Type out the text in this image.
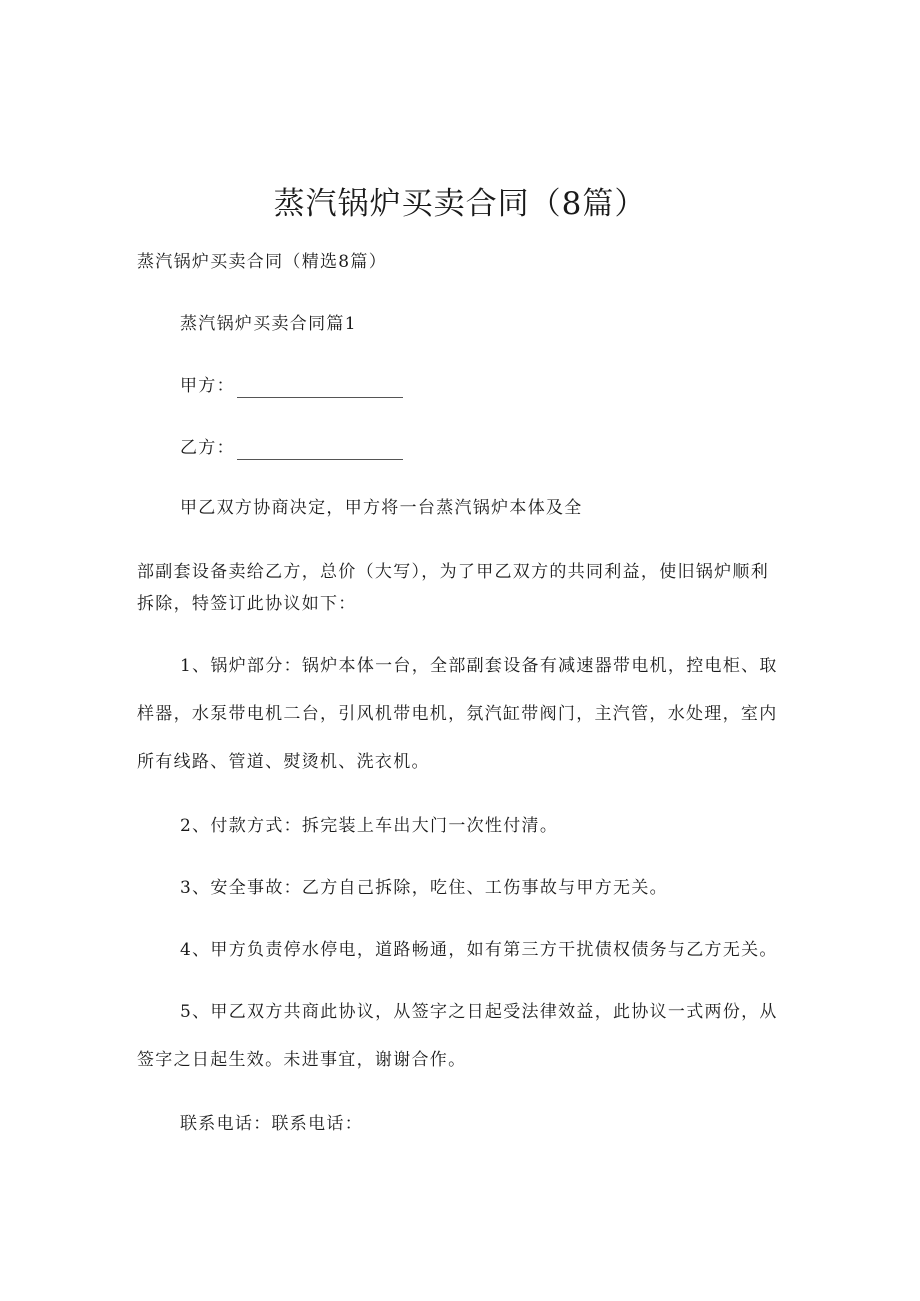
蒸汽锅炉买卖合同（8篇）
蒸汽锅炉买卖合同（精选8篇）
蒸汽锅炉买卖合同篇1
甲方：
乙方：
甲乙双方协商决定，甲方将一台蒸汽锅炉本体及全
部副套设备卖给乙方，总价（大写），为了甲乙双方的共同利益，使旧锅炉顺利
拆除，特签订此协议如下：
1、锅炉部分：锅炉本体一台，全部副套设备有减速器带电机，控电柜、取
样器，水泵带电机二台，引风机带电机，氛汽缸带阀门，主汽管，水处理，室内
所有线路、管道、熨烫机、洗衣机。
2、付款方式：拆完装上车出大门一次性付清。
3、安全事故：乙方自己拆除，吃住、工伤事故与甲方无关。
4、甲方负责停水停电，道路畅通，如有第三方干扰债权债务与乙方无关。
5、甲乙双方共商此协议，从签字之日起受法律效益，此协议一式两份，从
签字之日起生效。未进事宜，谢谢合作。
联系电话：联系电话：
